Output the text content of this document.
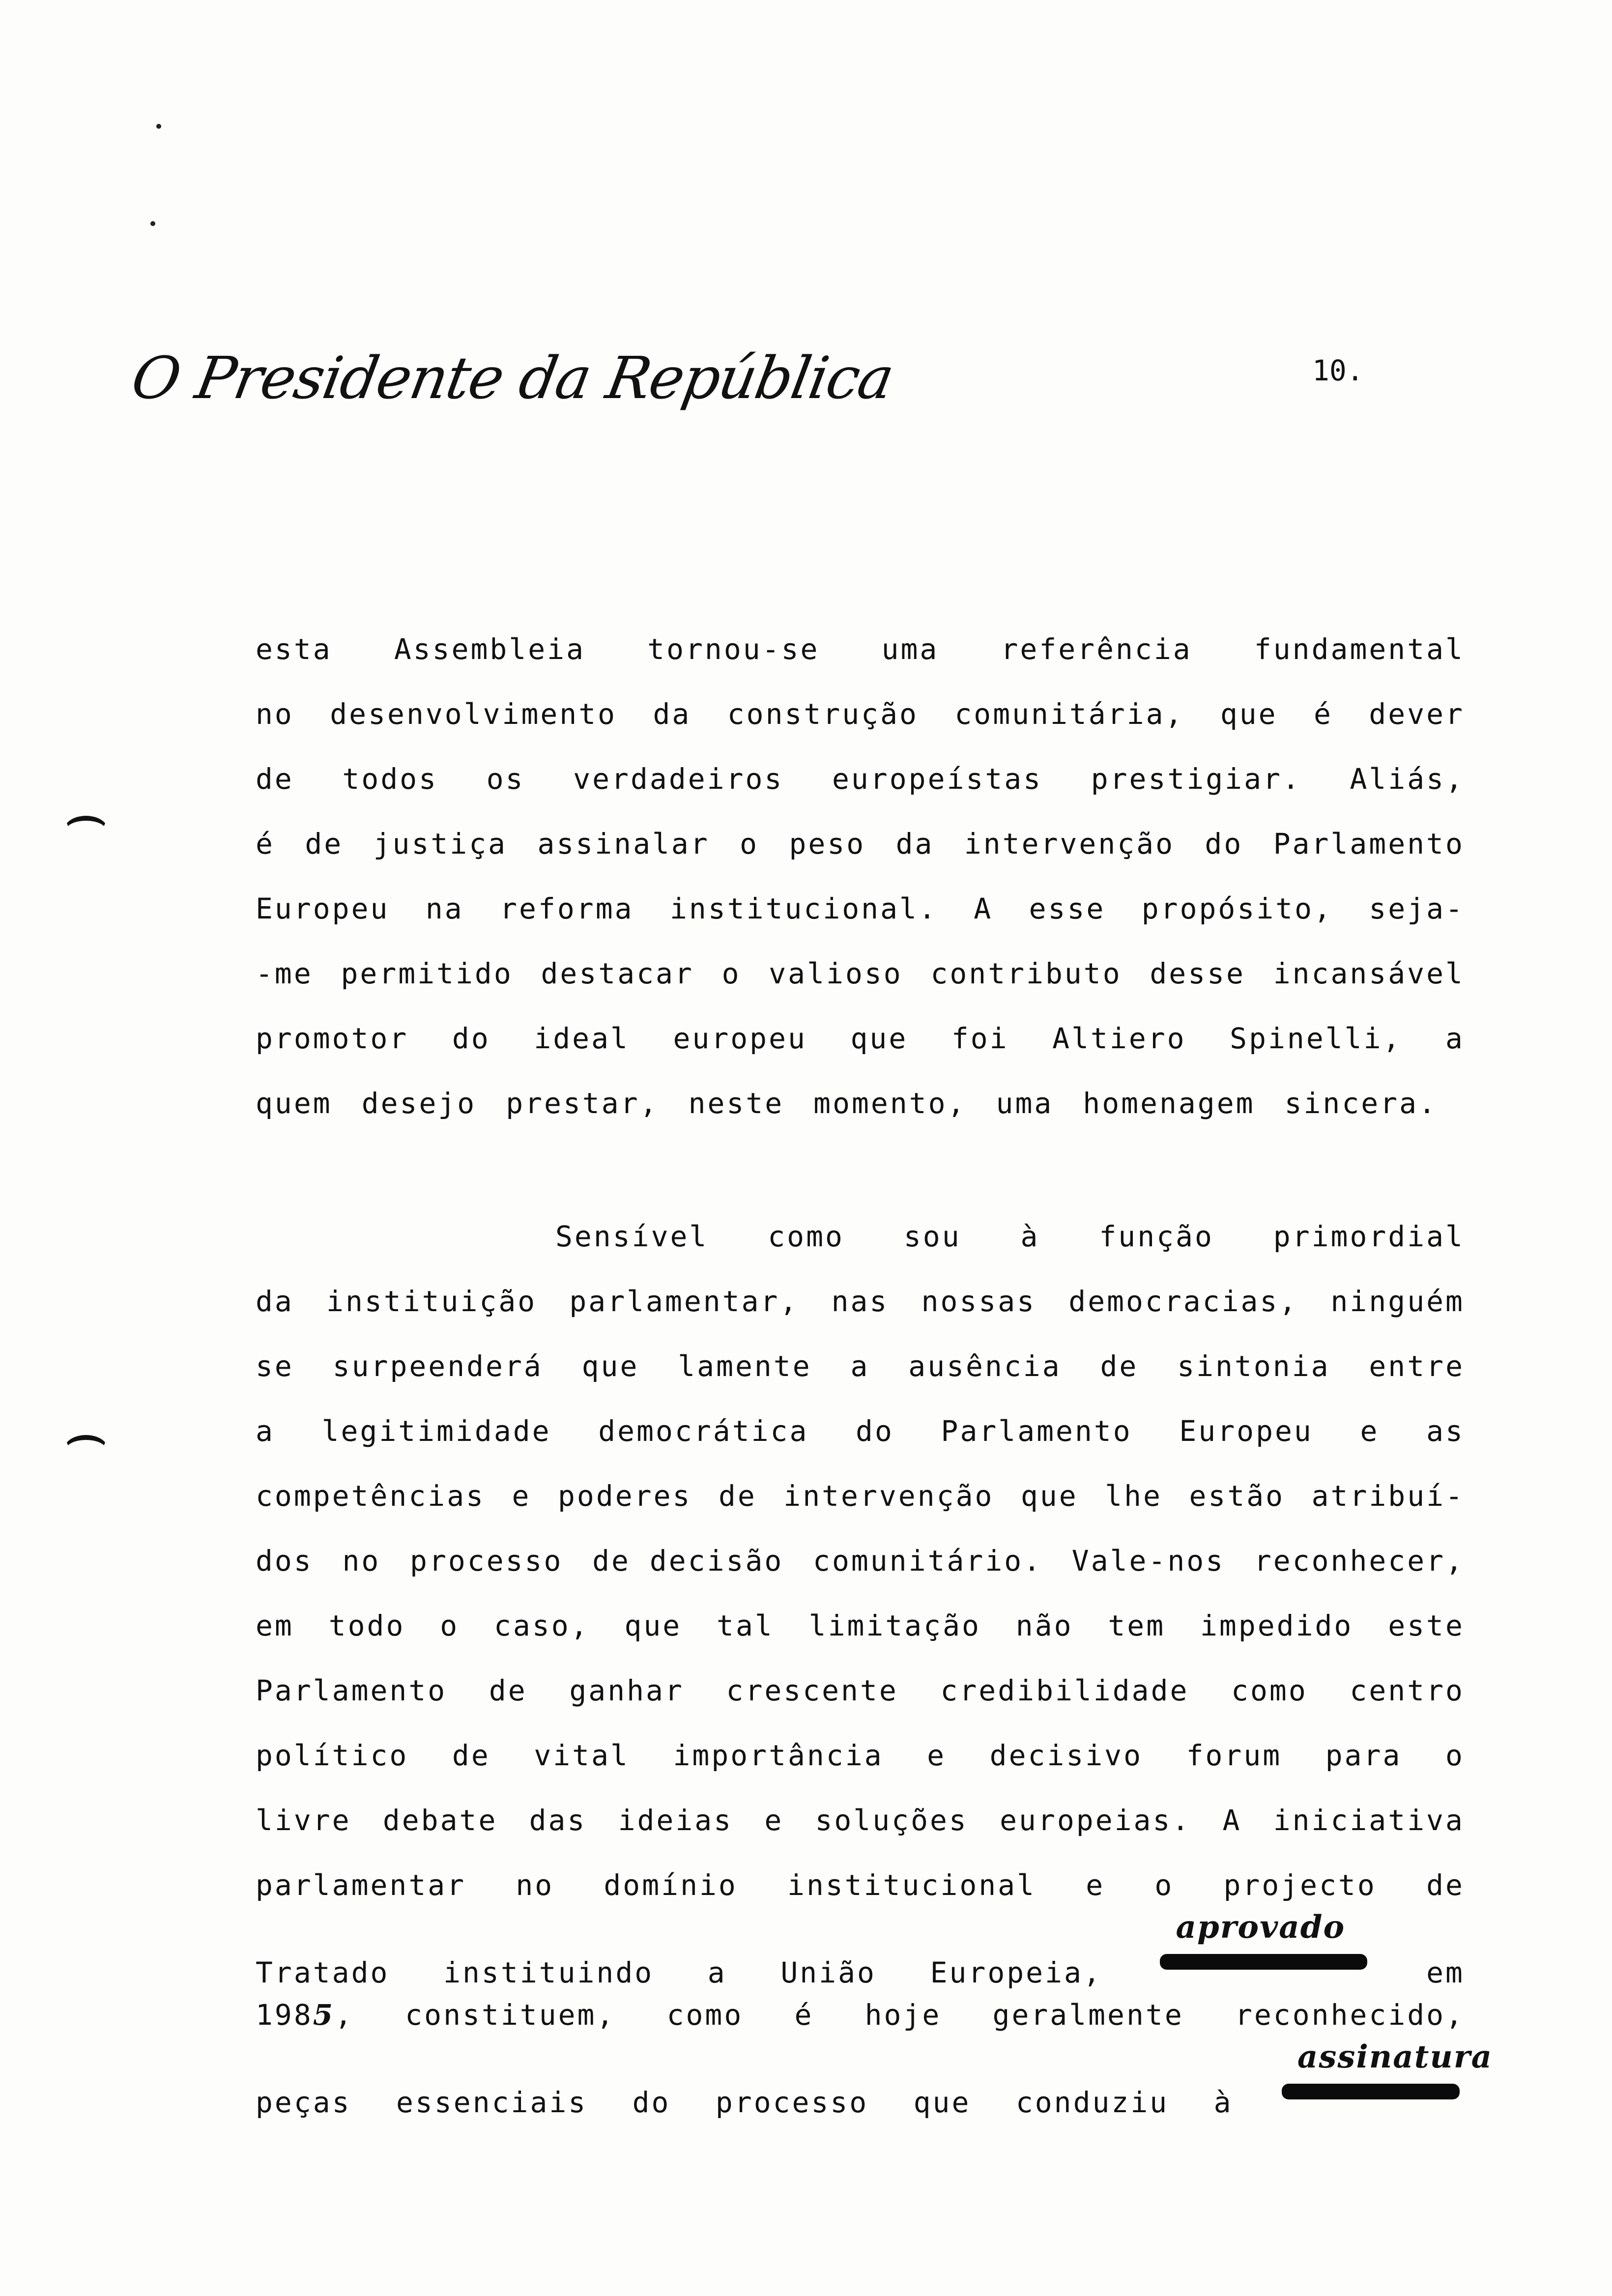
O Presidente da República	10.
esta Assembleia tornou-se uma referência fundamental
no desenvolvimento da construção comunitária, que é dever
de todos os verdadeiros europeístas prestigiar. Aliás,
é de justiça assinalar o peso da intervenção do Parlamento
Europeu na reforma institucional. A esse propósito, seja-
-me permitido destacar o valioso contributo desse incansável
promotor do ideal europeu que foi Altiero Spinelli, a
quem desejo prestar, neste momento, uma homenagem sincera.
Sensível como sou à função primordial
da instituição parlamentar, nas nossas democracias, ninguém
se surpeenderá que lamente a ausência de sintonia entre
a legitimidade democrática do Parlamento Europeu e as
competências e poderes de intervenção que lhe estão atribuí-
dos no processo de decisão comunitário. Vale-nos reconhecer,
em todo o caso, que tal limitação não tem impedido este
Parlamento de ganhar crescente credibilidade como centro
político de vital importância e decisivo forum para o
livre debate das ideias e soluções europeias. A iniciativa
parlamentar no domínio institucional e o projecto de
Tratado instituindo a União Europeia,
aprovado
em
1985, constituem, como é hoje geralmente reconhecido,
peças essenciais do processo que conduziu à
assinatura
